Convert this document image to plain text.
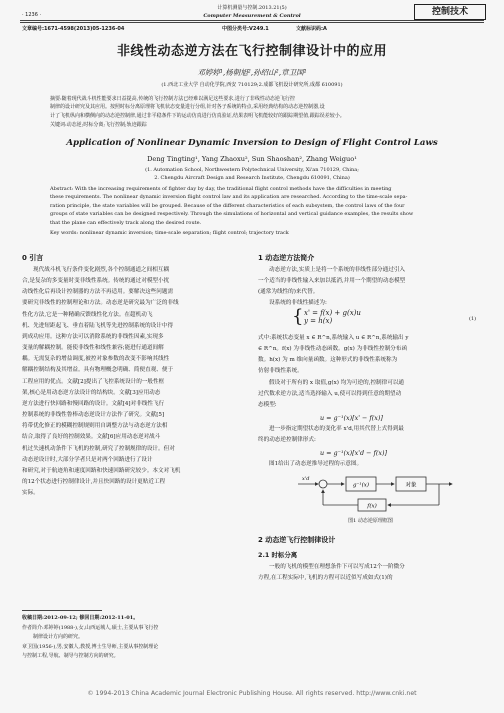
· 1236 ·
计算机测量与控制.2013.21(5)
Computer Measurement & Control	控制技术
文章编号:1671-4598(2013)05-1236-04	中图分类号:V249.1	文献标识码:A
非线性动态逆方法在飞行控制律设计中的应用
邓婷婷¹,杨朝旭²,孙绍山²,章卫国¹
(1.西北工业大学 自动化学院,西安 710129;2.成都飞机设计研究所,成都 610091)
摘要:随着现代战斗机性能要求日益提高,传统的飞行控制方法已经难以满足这些要求,进行了非线性动态逆飞行控
制律的设计研究及其应用。按照时标分离原理将飞机状态变量进行分组,针对各子系统的特点,采用经典结构的动态逆控制器,设
计了飞机纵向和横侧向的动态逆控制律,通过非平稳条件下的运动仿真进行仿真验证,结果表明飞机能较好的跟踪期望值,跟踪误差较小。
关键词:动态逆;时标分离;飞行控制;轨迹跟踪
Application of Nonlinear Dynamic Inversion to Design of Flight Control Laws
Deng Tingting¹, Yang Zhaoxu², Sun Shaoshan², Zhang Weiguo¹
(1. Automation School, Northwestern Polytechnical University, Xi'an 710129, China;
2. Chengdu Aircraft Design and Research Institute, Chengdu 610091, China)
Abstract: With the increasing requirements of fighter day by day, the traditional flight control methods have the difficulties in meeting
these requirements. The nonlinear dynamic inversion flight control law and its application are researched. According to the time-scale sepa-
ration principle, the state variables will be grouped. Because of the different characteristics of each subsystem, the control laws of the four
groups of state variables can be designed respectively. Through the simulations of horizontal and vertical guidance examples, the results show
that the plane can effectively track along the desired route.
Key words: nonlinear dynamic inversion; time-scale separation; flight control; trajectory track
0 引言
现代战斗机飞行条件变化剧烈,各个控制通道之间相互耦
合,是复杂的多变量时变非线性系统。传统的通过对模型小扰
动线性化后再设计控制器的方法不再适用。要解决这些问题需
要研究非线性的控制理论和方法。动态逆是研究最为广泛的非线
性化方法,它是一种精确反馈线性化方法。在超机动飞
机、先进短距起飞、垂直着陆飞机等先进控制系统的设计中得
到成功应用。这种方法可以消除系统的非线性因素,实现多
变量的解耦控制。能使非线性和线性兼容;能进行通道间解
耦。无需复杂的增益调度,被控对象参数的改变不影响其线性
解耦控制结构及其增益。具有物理概念明确、简便直观、便于
工程应用的优点。文献[2]提出了飞控系统设计的一般性框
架,核心是用动态逆方法设计的结构块。文献[3]应用动态
逆方法进行快回路和慢回路的设计。文献[4]对非线性飞行
控制系统的非线性鲁棒动态逆设计方法作了研究。文献[5]
将带优化修正的模糊控制规则用自调整方法与动态逆方法相
结合,取得了良好的控制效果。文献[6]应用动态逆对战斗
机过失速机动条件下飞机的控制,研究了控制规律的设计。但对
动态逆设计时,大部分学者只是对两个回路进行了设计
和研究,对于航迹角和速度回路和快速回路研究较少。本文对飞机
的12个状态进行控制律设计,并且快回路的设计更贴近工程
实际。
收稿日期:2012-09-12; 修回日期:2012-11-01。
作者简介:邓婷婷(1988-),女,山西运城人,硕士,主要从事飞行控
制律设计方向的研究。
章卫国(1956-),男,安徽人,教授,博士生导师,主要从事控制理论
与控制工程,导航、制导与控制方向的研究。
1 动态逆方法简介
动态逆方法,实质上是将一个系统的非线性部分通过引入
一个适当的非线性输入来加以抵消,并用一个期望的动态模型
(通常为线性的)来代替。
设系统的非线性描述为:
{ x' = f(x) + g(x)u
y = h(x)	(1)
式中:系统状态变量 x ∈ R^n,系统输入 u ∈ R^n,系统输出 y
∈ R^n。f(x) 为非线性动态函数。g(x) 为非线性控制分布函
数。h(x) 为 m 维向量函数。这种形式的非线性系统称为
仿射非线性系统。
假设对于所有的 x 取值,g(x) 均为可逆的,控制律可以通
过代数求逆方法,适当选择输入 u,使可以得到任意的期望动
态模型:
u = g⁻¹(x)[x' − f(x)]
进一步指定期望状态的变化率 x'd,用其代替上式得到最
终的动态逆控制律形式:
u = g⁻¹(x)[x'd − f(x)]
图1给出了动态逆推导过程的示意图。
g⁻¹(x)	对象
f(x)
x'd
图1 动态逆原理框图
2 动态逆飞行控制律设计
2.1 时标分离
一般的飞机的模型在理想条件下可以写成12个一阶微分
方程,在工程实际中,飞机的方程可以近似写成如式(1)的
© 1994-2013 China Academic Journal Electronic Publishing House. All rights reserved. http://www.cnki.net
